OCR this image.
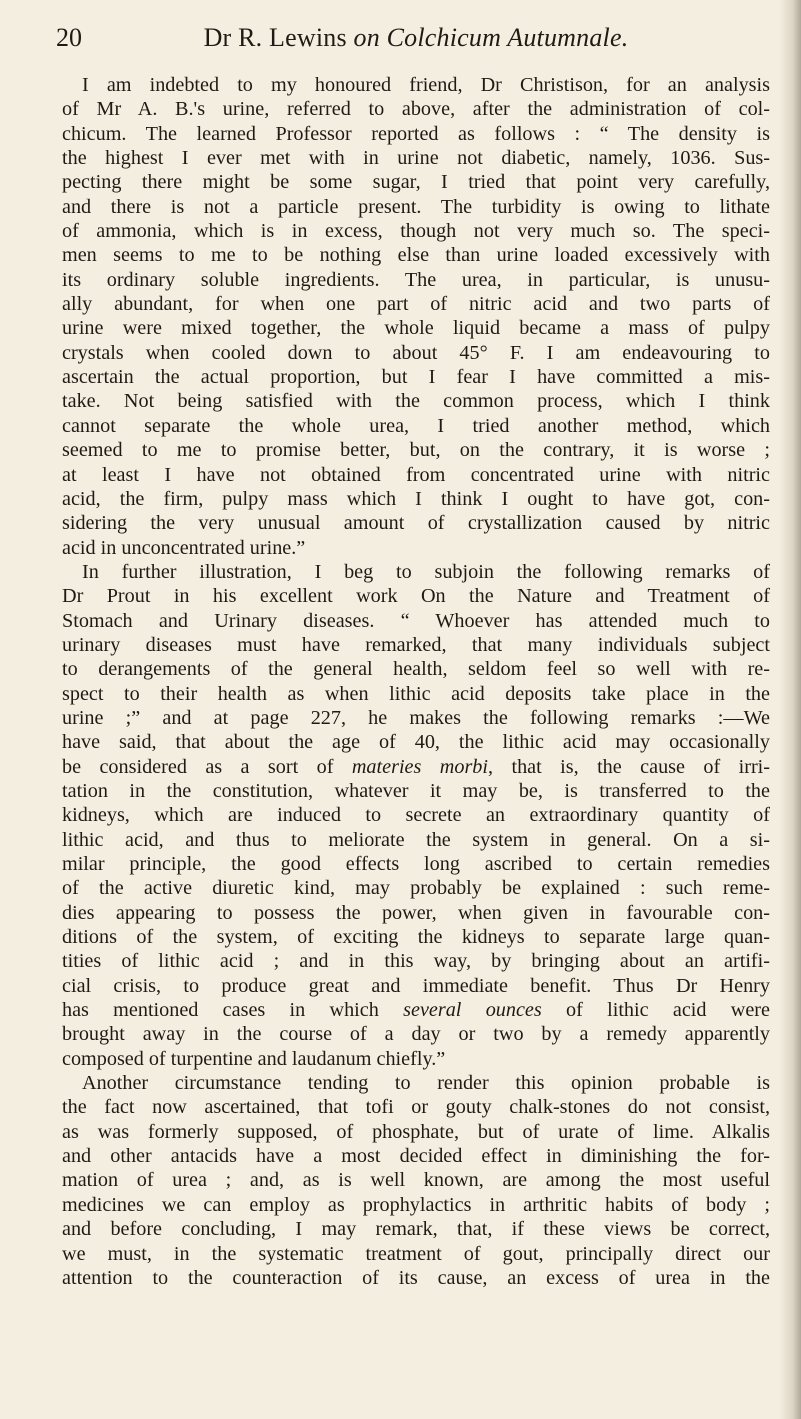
20	Dr R. Lewins on Colchicum Autumnale.
I am indebted to my honoured friend, Dr Christison, for an analysis
of Mr A. B.'s urine, referred to above, after the administration of col-
chicum. The learned Professor reported as follows : “ The density is
the highest I ever met with in urine not diabetic, namely, 1036. Sus-
pecting there might be some sugar, I tried that point very carefully,
and there is not a particle present. The turbidity is owing to lithate
of ammonia, which is in excess, though not very much so. The speci-
men seems to me to be nothing else than urine loaded excessively with
its ordinary soluble ingredients. The urea, in particular, is unusu-
ally abundant, for when one part of nitric acid and two parts of
urine were mixed together, the whole liquid became a mass of pulpy
crystals when cooled down to about 45° F. I am endeavouring to
ascertain the actual proportion, but I fear I have committed a mis-
take. Not being satisfied with the common process, which I think
cannot separate the whole urea, I tried another method, which
seemed to me to promise better, but, on the contrary, it is worse ;
at least I have not obtained from concentrated urine with nitric
acid, the firm, pulpy mass which I think I ought to have got, con-
sidering the very unusual amount of crystallization caused by nitric
acid in unconcentrated urine.”
In further illustration, I beg to subjoin the following remarks of
Dr Prout in his excellent work On the Nature and Treatment of
Stomach and Urinary diseases. “ Whoever has attended much to
urinary diseases must have remarked, that many individuals subject
to derangements of the general health, seldom feel so well with re-
spect to their health as when lithic acid deposits take place in the
urine ;” and at page 227, he makes the following remarks :—We
have said, that about the age of 40, the lithic acid may occasionally
be considered as a sort of materies morbi, that is, the cause of irri-
tation in the constitution, whatever it may be, is transferred to the
kidneys, which are induced to secrete an extraordinary quantity of
lithic acid, and thus to meliorate the system in general. On a si-
milar principle, the good effects long ascribed to certain remedies
of the active diuretic kind, may probably be explained : such reme-
dies appearing to possess the power, when given in favourable con-
ditions of the system, of exciting the kidneys to separate large quan-
tities of lithic acid ; and in this way, by bringing about an artifi-
cial crisis, to produce great and immediate benefit. Thus Dr Henry
has mentioned cases in which several ounces of lithic acid were
brought away in the course of a day or two by a remedy apparently
composed of turpentine and laudanum chiefly.”
Another circumstance tending to render this opinion probable is
the fact now ascertained, that tofi or gouty chalk-stones do not consist,
as was formerly supposed, of phosphate, but of urate of lime. Alkalis
and other antacids have a most decided effect in diminishing the for-
mation of urea ; and, as is well known, are among the most useful
medicines we can employ as prophylactics in arthritic habits of body ;
and before concluding, I may remark, that, if these views be correct,
we must, in the systematic treatment of gout, principally direct our
attention to the counteraction of its cause, an excess of urea in the
